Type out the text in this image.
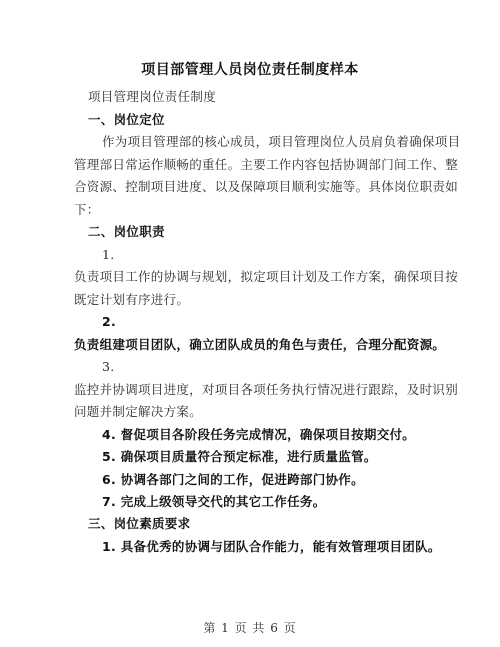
项目部管理人员岗位责任制度样本
项目管理岗位责任制度
一、岗位定位
作为项目管理部的核心成员，项目管理岗位人员肩负着确保项目
管理部日常运作顺畅的重任。主要工作内容包括协调部门间工作、整
合资源、控制项目进度、以及保障项目顺利实施等。具体岗位职责如
下：
二、岗位职责
1.
负责项目工作的协调与规划，拟定项目计划及工作方案，确保项目按
既定计划有序进行。
2.
负责组建项目团队，确立团队成员的角色与责任，合理分配资源。
3.
监控并协调项目进度，对项目各项任务执行情况进行跟踪，及时识别
问题并制定解决方案。
4. 督促项目各阶段任务完成情况，确保项目按期交付。
5. 确保项目质量符合预定标准，进行质量监管。
6. 协调各部门之间的工作，促进跨部门协作。
7. 完成上级领导交代的其它工作任务。
三、岗位素质要求
1. 具备优秀的协调与团队合作能力，能有效管理项目团队。
第 1 页 共 6 页
